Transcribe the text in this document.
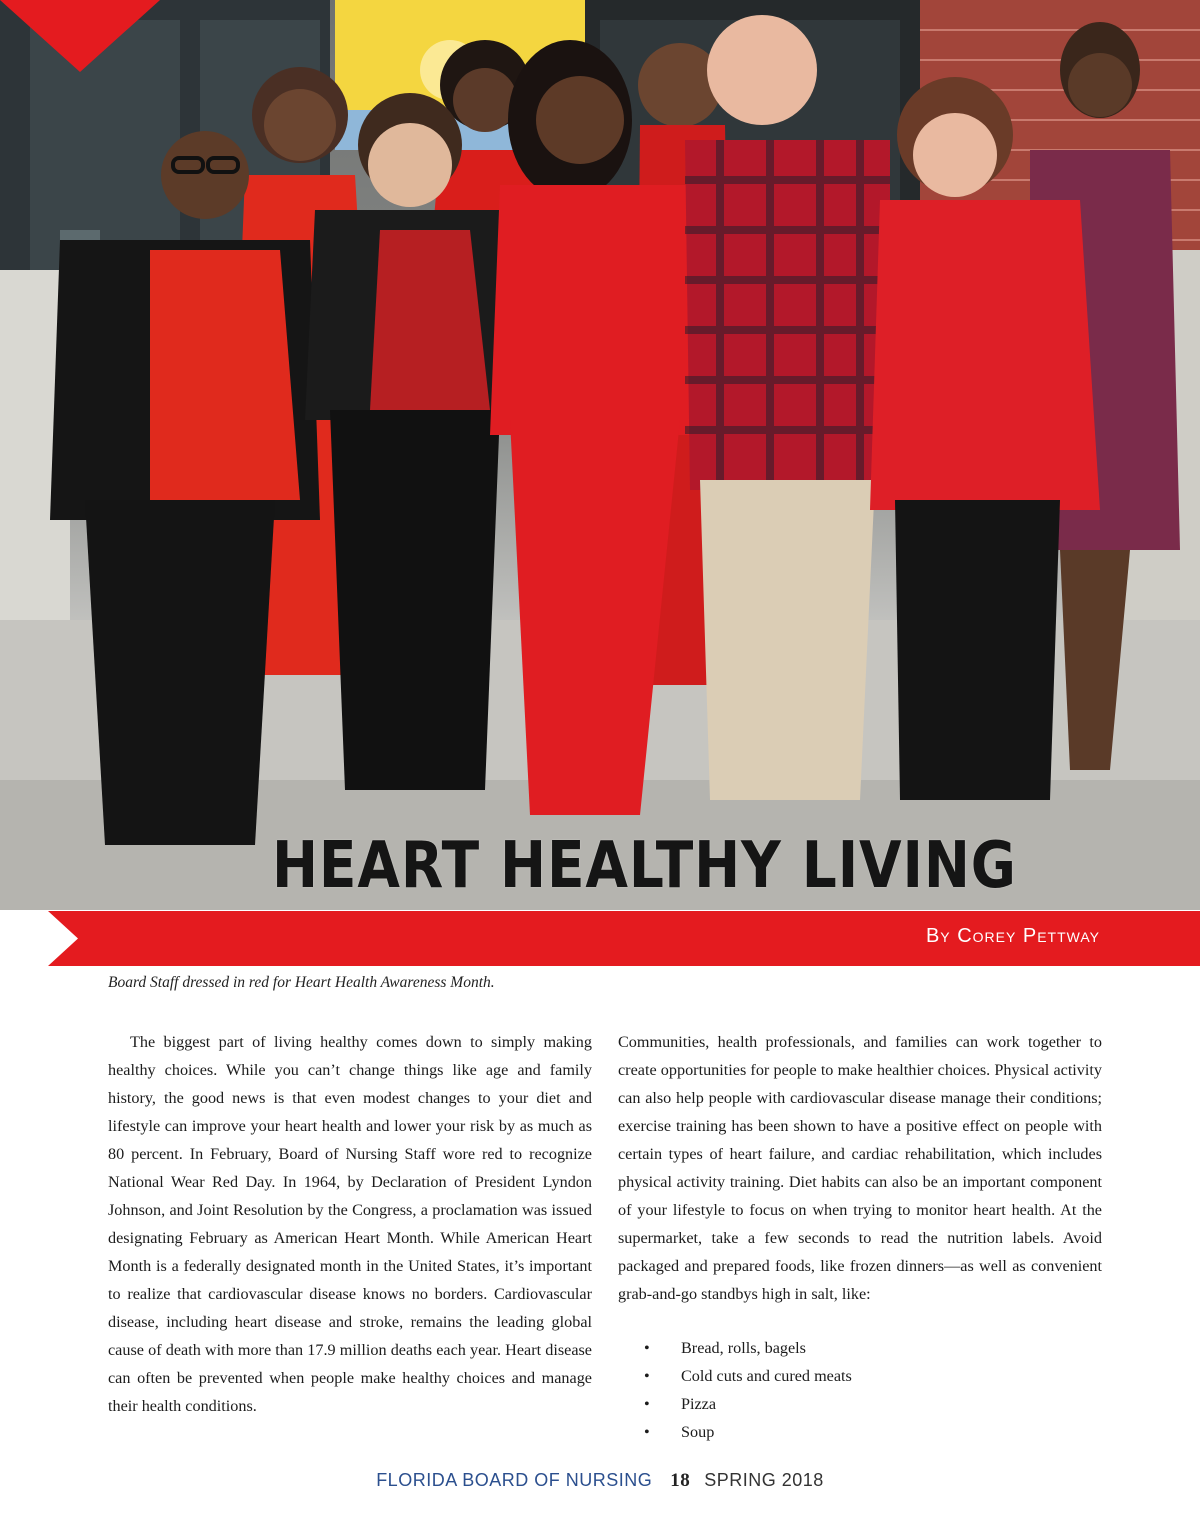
HEART HEALTHY LIVING

By Corey Pettway

Board Staff dressed in red for Heart Health Awareness Month.

The biggest part of living healthy comes down to simply making healthy choices. While you can’t change things like age and family history, the good news is that even modest changes to your diet and lifestyle can improve your heart health and lower your risk by as much as 80 percent. In February, Board of Nursing Staff wore red to recognize National Wear Red Day. In 1964, by Declaration of President Lyndon Johnson, and Joint Resolution by the Congress, a proclamation was issued designating February as American Heart Month. While American Heart Month is a federally designated month in the United States, it’s important to realize that cardiovascular disease knows no borders. Cardiovascular disease, including heart disease and stroke, remains the leading global cause of death with more than 17.9 million deaths each year. Heart disease can often be prevented when people make healthy choices and manage their health conditions.

Communities, health professionals, and families can work together to create opportunities for people to make healthier choices. Physical activity can also help people with cardiovascular disease manage their conditions; exercise training has been shown to have a positive effect on people with certain types of heart failure, and cardiac rehabilitation, which includes physical activity training. Diet habits can also be an important component of your lifestyle to focus on when trying to monitor heart health. At the supermarket, take a few seconds to read the nutrition labels. Avoid packaged and prepared foods, like frozen dinners—as well as convenient grab-and-go standbys high in salt, like:

• Bread, rolls, bagels
• Cold cuts and cured meats
• Pizza
• Soup
FLORIDA BOARD OF NURSING 18 SPRING 2018
